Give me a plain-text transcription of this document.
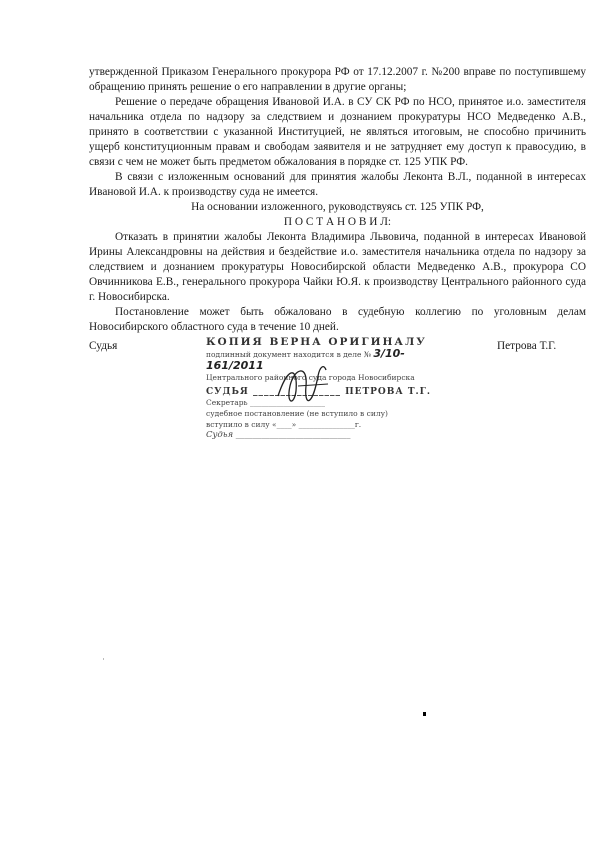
утвержденной Приказом Генерального прокурора РФ от 17.12.2007 г. №200 вправе по поступившему обращению принять решение о его направлении в другие органы;

Решение о передаче обращения Ивановой И.А. в СУ СК РФ по НСО, принятое и.о. заместителя начальника отдела по надзору за следствием и дознанием прокуратуры НСО Медведенко А.В., принято в соответствии с указанной Институцией, не являться итоговым, не способно причинить ущерб конституционным правам и свободам заявителя и не затрудняет ему доступ к правосудию, в связи с чем не может быть предметом обжалования в порядке ст. 125 УПК РФ.

В связи с изложенным оснований для принятия жалобы Леконта В.Л., поданной в интересах Ивановой И.А. к производству суда не имеется.

На основании изложенного, руководствуясь ст. 125 УПК РФ,

П О С Т А Н О В И Л:

Отказать в принятии жалобы Леконта Владимира Львовича, поданной в интересах Ивановой Ирины Александровны на действия и бездействие и.о. заместителя начальника отдела по надзору за следствием и дознанием прокуратуры Новосибирской области Медведенко А.В., прокурора СО Овчинникова Е.В., генерального прокурора Чайки Ю.Я. к производству Центрального районного суда г. Новосибирска.

Постановление может быть обжаловано в судебную коллегию по уголовным делам Новосибирского областного суда в течение 10 дней.

Судья	Петрова Т.Г.
КОПИЯ ВЕРНА ОРИГИНАЛУ
подлинный документ находится в деле № 3/10-161/2011
Центрального районного суда города Новосибирска
СУДЬЯ ________________ ПЕТРОВА Т.Г.
Секретарь ____________________
судебное постановление (не вступило в силу)
вступило в силу «____» _______________г.
Судья ___________________________
